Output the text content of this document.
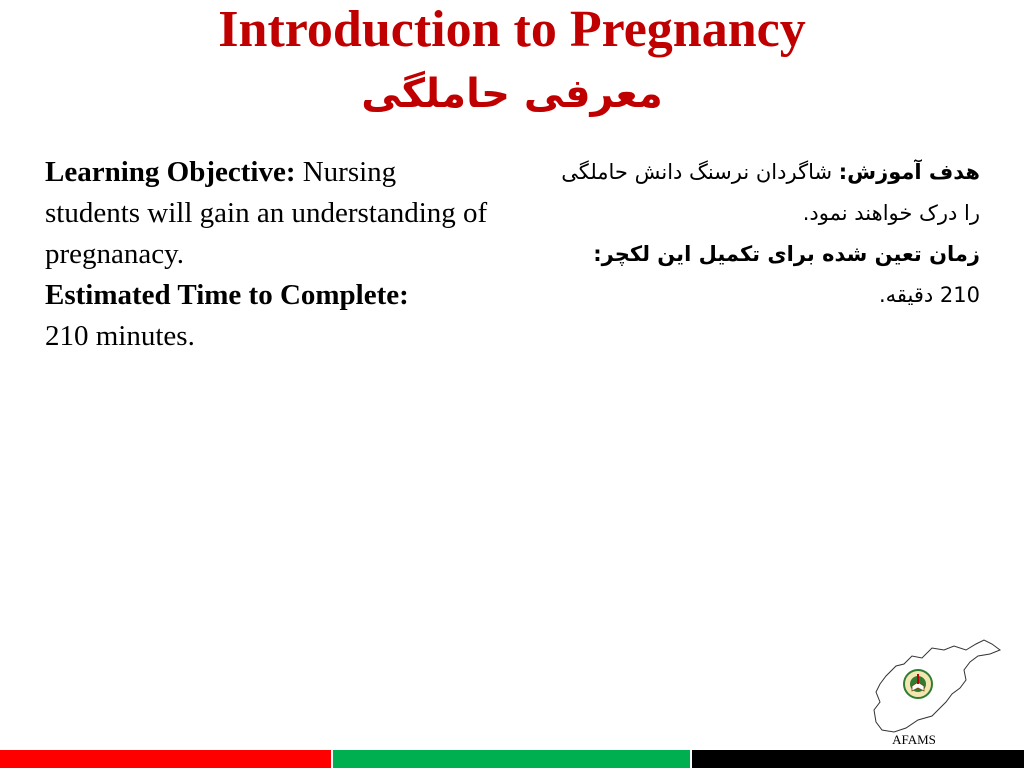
Introduction to Pregnancy
معرفی حاملگی
Learning Objective: Nursing students will gain an understanding of pregnanacy.
Estimated Time to Complete:
210 minutes.
هدف آموزش: شاگردان نرسنگ دانش حاملگی را درک خواهند نمود.
زمان تعین شده برای تکمیل این لکچر:
210 دقیقه.
AFAMS
